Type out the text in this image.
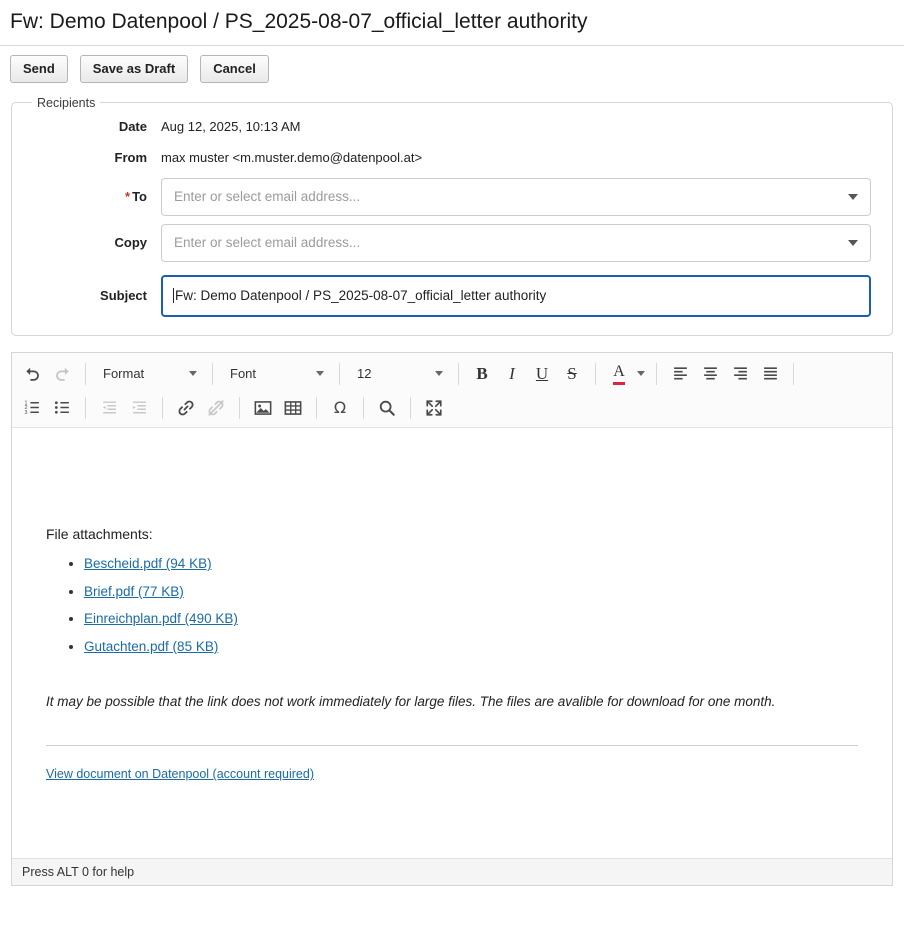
Fw: Demo Datenpool / PS_2025-08-07_official_letter authority
Send	Save as Draft	Cancel
Recipients
Date	Aug 12, 2025, 10:13 AM
From	max muster <m.muster.demo@datenpool.at>
* To	Enter or select email address...
Copy	Enter or select email address...
Subject	Fw: Demo Datenpool / PS_2025-08-07_official_letter authority
Format	Font	12	B	I	U	S	A
1
2
3	Ω

File attachments:

• Bescheid.pdf (94 KB)
• Brief.pdf (77 KB)
• Einreichplan.pdf (490 KB)
• Gutachten.pdf (85 KB)

It may be possible that the link does not work immediately for large files. The files are avalible for download for one month.

View document on Datenpool (account required)
Press ALT 0 for help
